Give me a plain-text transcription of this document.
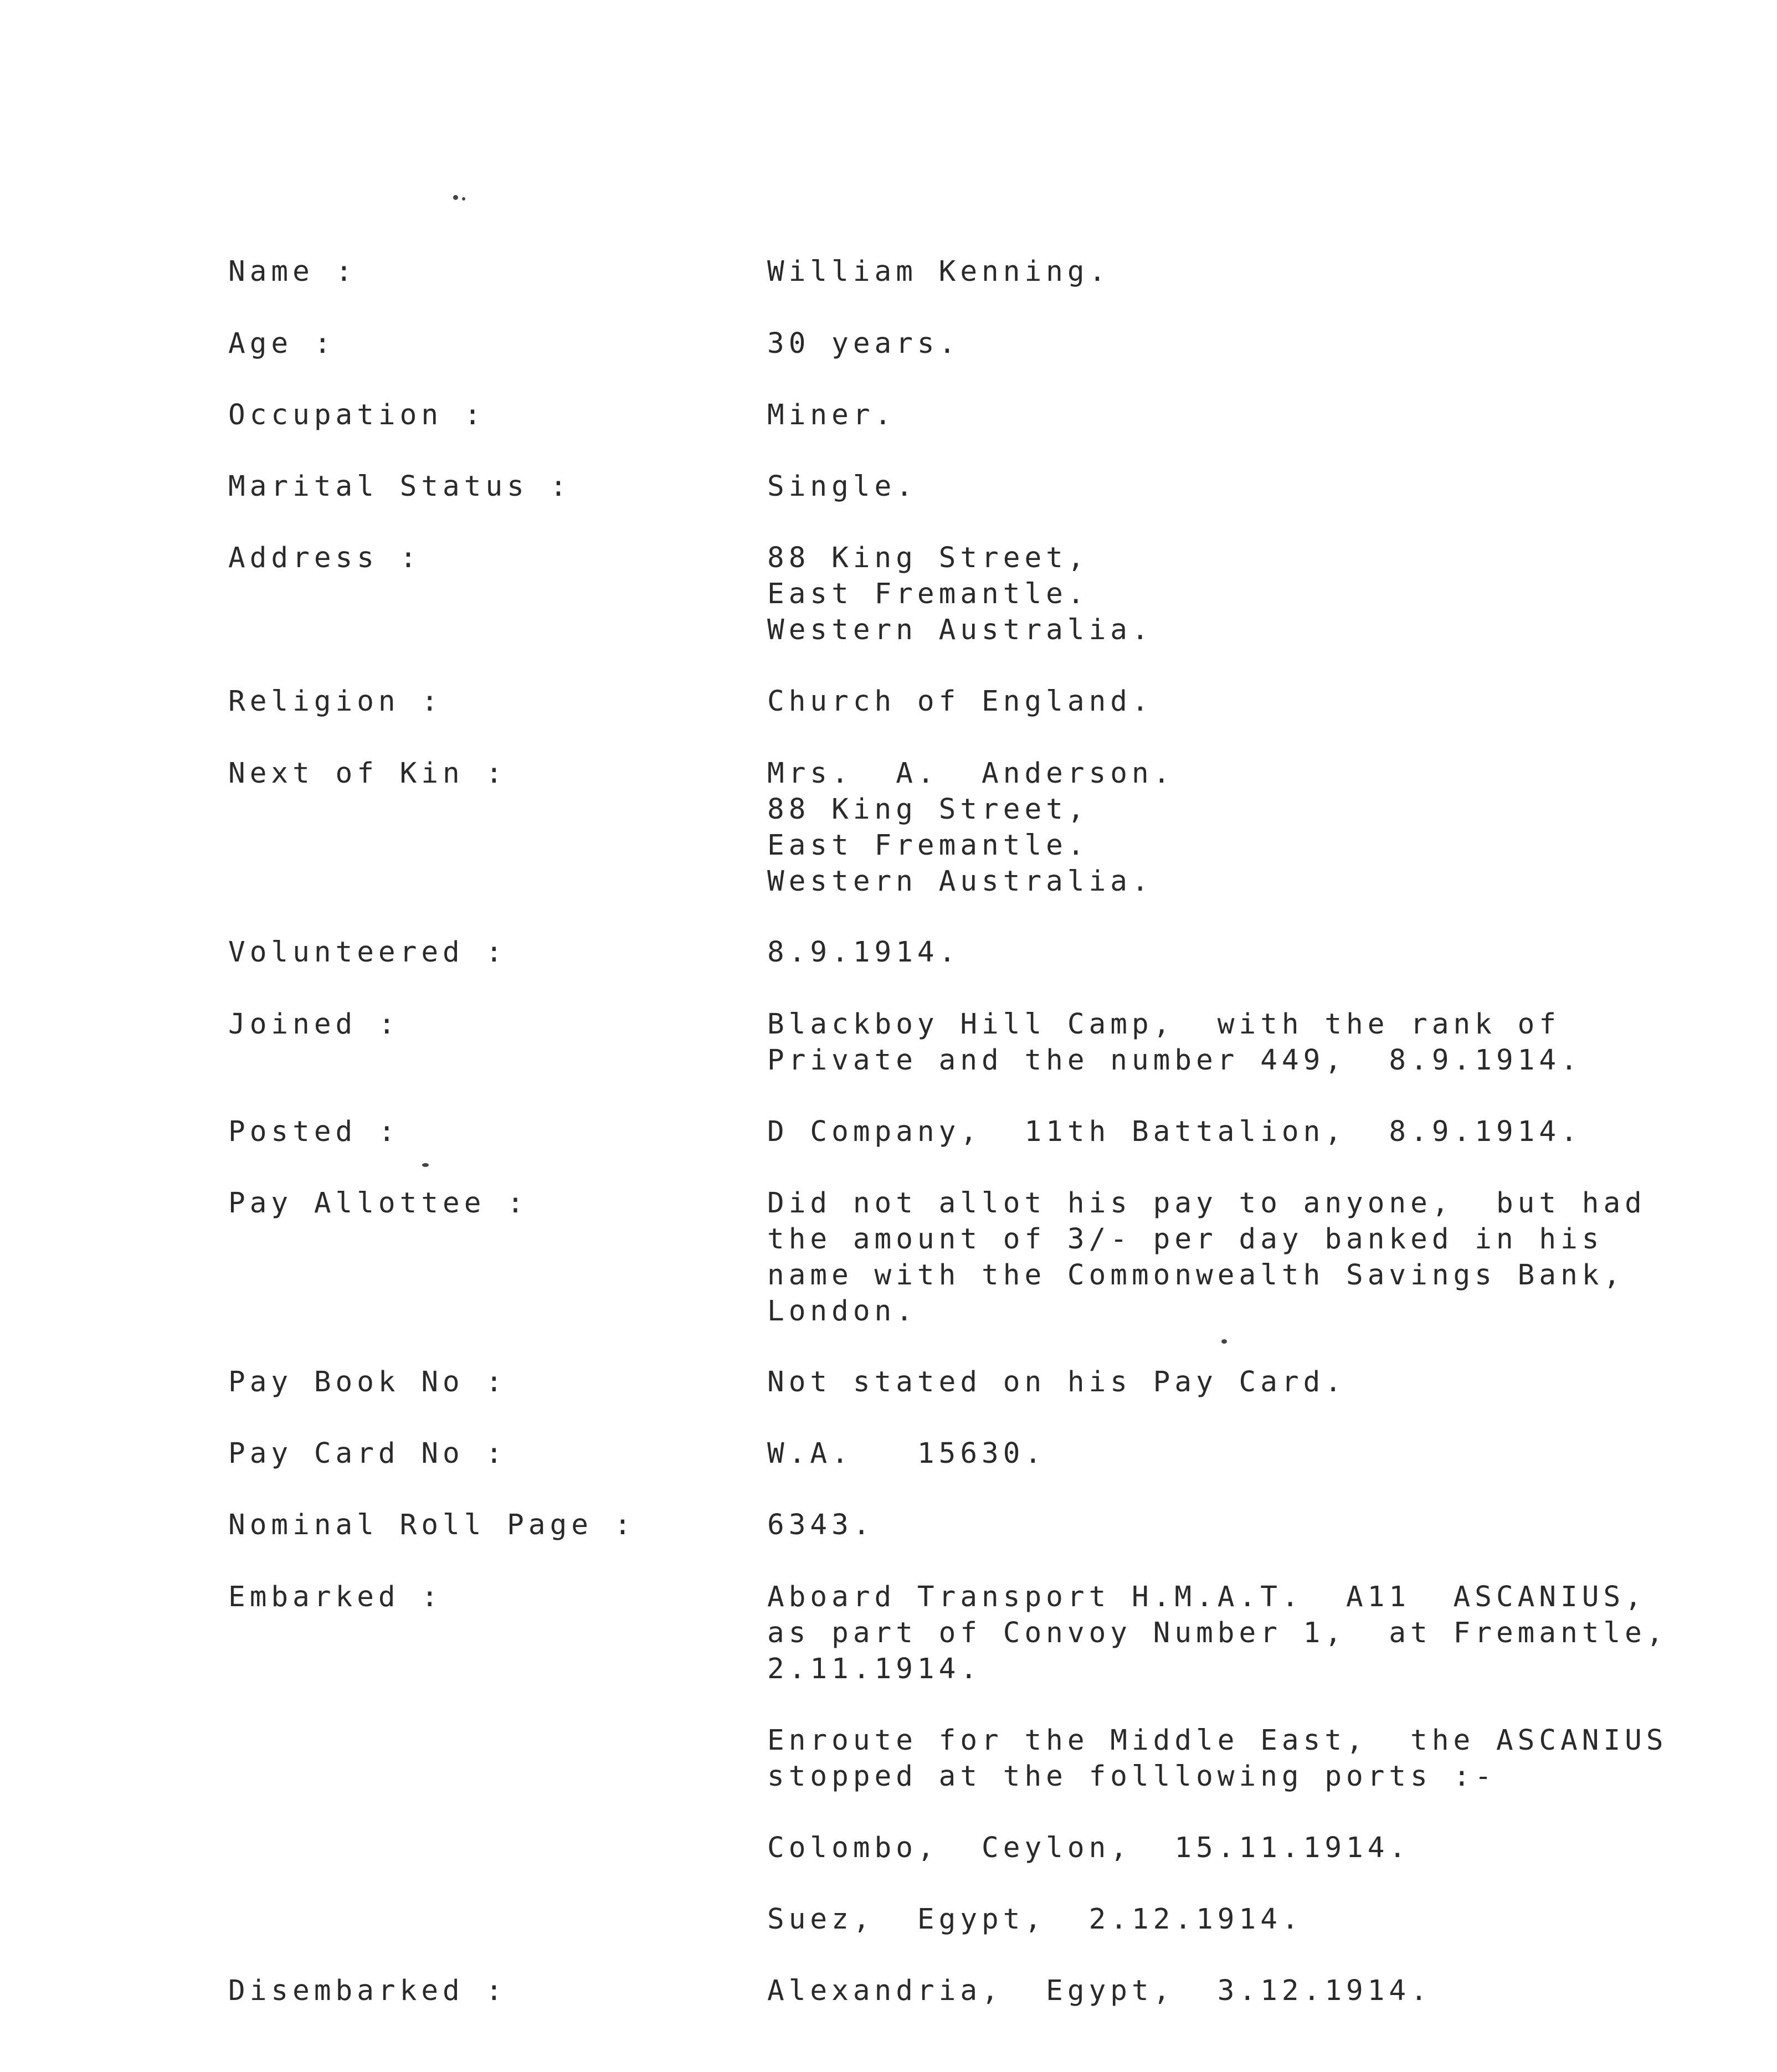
Name :	William Kenning.
Age :	30 years.
Occupation :	Miner.
Marital Status :	Single.
Address :	88 King Street,
East Fremantle.
Western Australia.
Religion :	Church of England.
Next of Kin :	Mrs.  A.  Anderson.
88 King Street,
East Fremantle.
Western Australia.
Volunteered :	8.9.1914.
Joined :	Blackboy Hill Camp,  with the rank of
Private and the number 449,  8.9.1914.
Posted :	D Company,  11th Battalion,  8.9.1914.
Pay Allottee :	Did not allot his pay to anyone,  but had
the amount of 3/- per day banked in his
name with the Commonwealth Savings Bank,
London.
Pay Book No :	Not stated on his Pay Card.
Pay Card No :	W.A.   15630.
Nominal Roll Page :	6343.
Embarked :	Aboard Transport H.M.A.T.  A11  ASCANIUS,
as part of Convoy Number 1,  at Fremantle,
2.11.1914.
Enroute for the Middle East,  the ASCANIUS
stopped at the folllowing ports :-
Colombo,  Ceylon,  15.11.1914.
Suez,  Egypt,  2.12.1914.
Disembarked :	Alexandria,  Egypt,  3.12.1914.
